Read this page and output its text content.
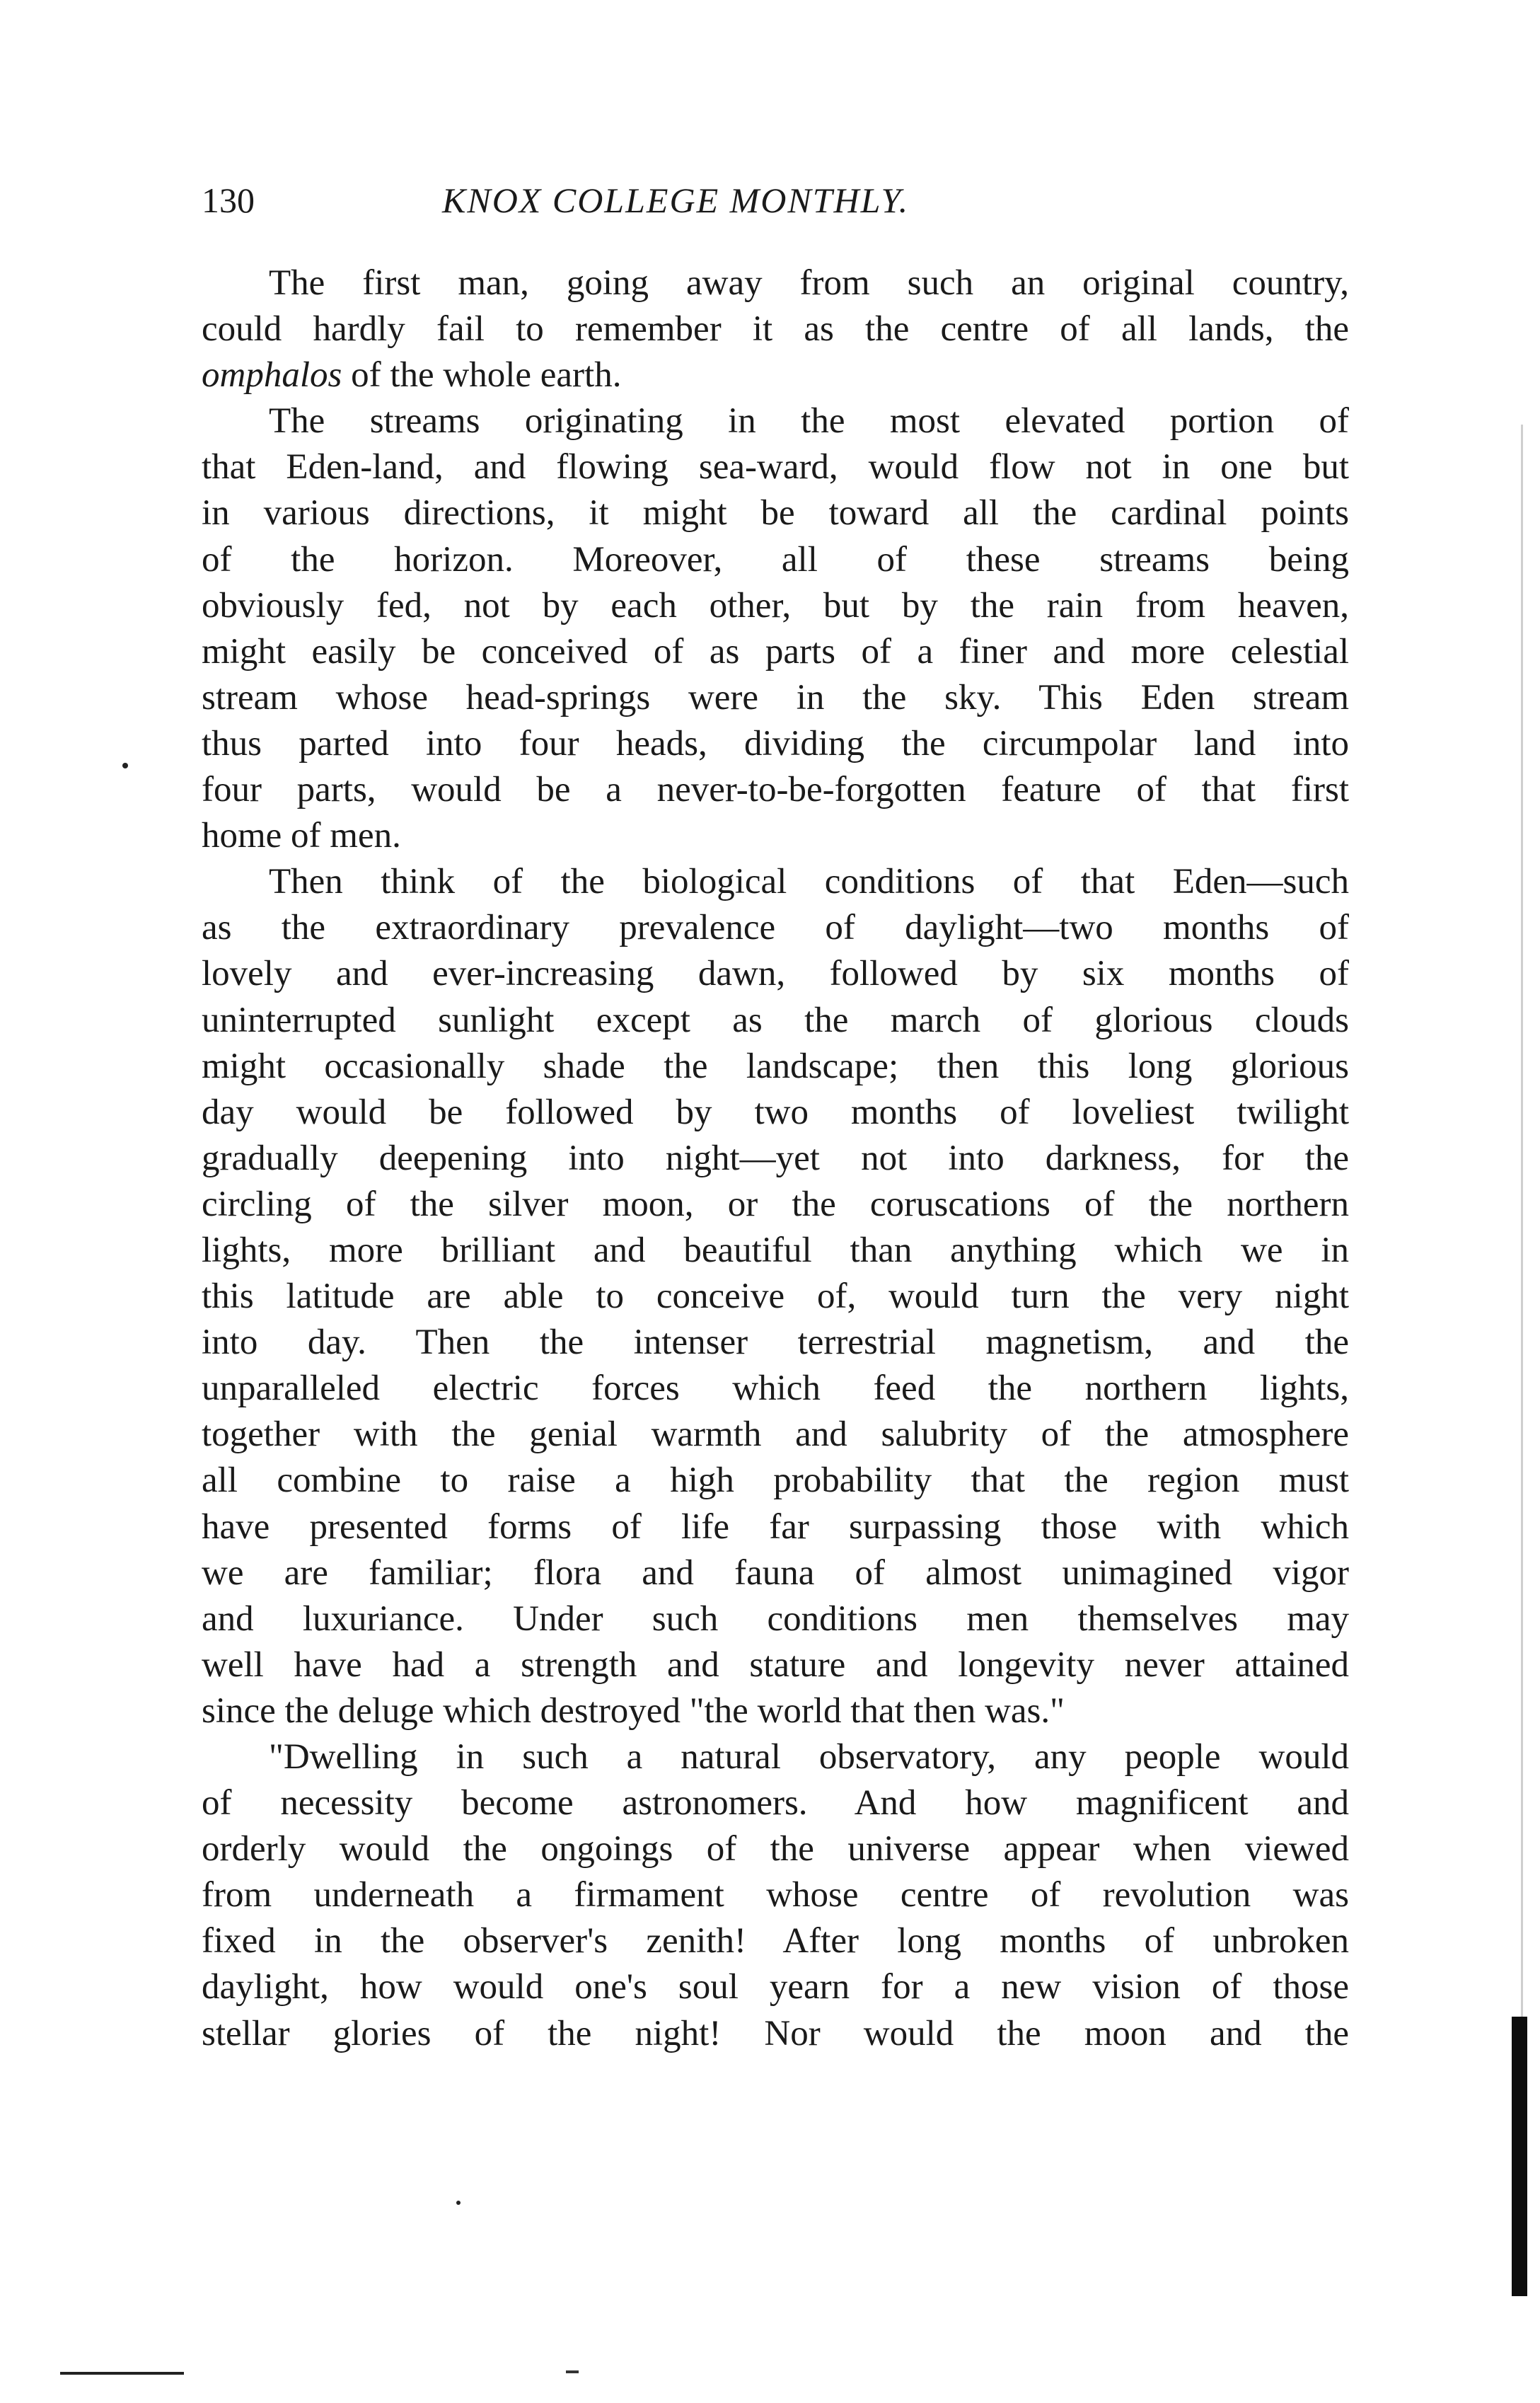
130	KNOX COLLEGE MONTHLY.
The first man, going away from such an original country,
could hardly fail to remember it as the centre of all lands, the
omphalos of the whole earth.
The streams originating in the most elevated portion of
that Eden-land, and flowing sea-ward, would flow not in one but
in various directions, it might be toward all the cardinal points
of the horizon. Moreover, all of these streams being
obviously fed, not by each other, but by the rain from heaven,
might easily be conceived of as parts of a finer and more celestial
stream whose head-springs were in the sky. This Eden stream
thus parted into four heads, dividing the circumpolar land into
four parts, would be a never-to-be-forgotten feature of that first
home of men.
Then think of the biological conditions of that Eden—such
as the extraordinary prevalence of daylight—two months of
lovely and ever-increasing dawn, followed by six months of
uninterrupted sunlight except as the march of glorious clouds
might occasionally shade the landscape; then this long glorious
day would be followed by two months of loveliest twilight
gradually deepening into night—yet not into darkness, for the
circling of the silver moon, or the coruscations of the northern
lights, more brilliant and beautiful than anything which we in
this latitude are able to conceive of, would turn the very night
into day. Then the intenser terrestrial magnetism, and the
unparalleled electric forces which feed the northern lights,
together with the genial warmth and salubrity of the atmosphere
all combine to raise a high probability that the region must
have presented forms of life far surpassing those with which
we are familiar; flora and fauna of almost unimagined vigor
and luxuriance. Under such conditions men themselves may
well have had a strength and stature and longevity never attained
since the deluge which destroyed "the world that then was."
"Dwelling in such a natural observatory, any people would
of necessity become astronomers. And how magnificent and
orderly would the ongoings of the universe appear when viewed
from underneath a firmament whose centre of revolution was
fixed in the observer's zenith! After long months of unbroken
daylight, how would one's soul yearn for a new vision of those
stellar glories of the night! Nor would the moon and the
